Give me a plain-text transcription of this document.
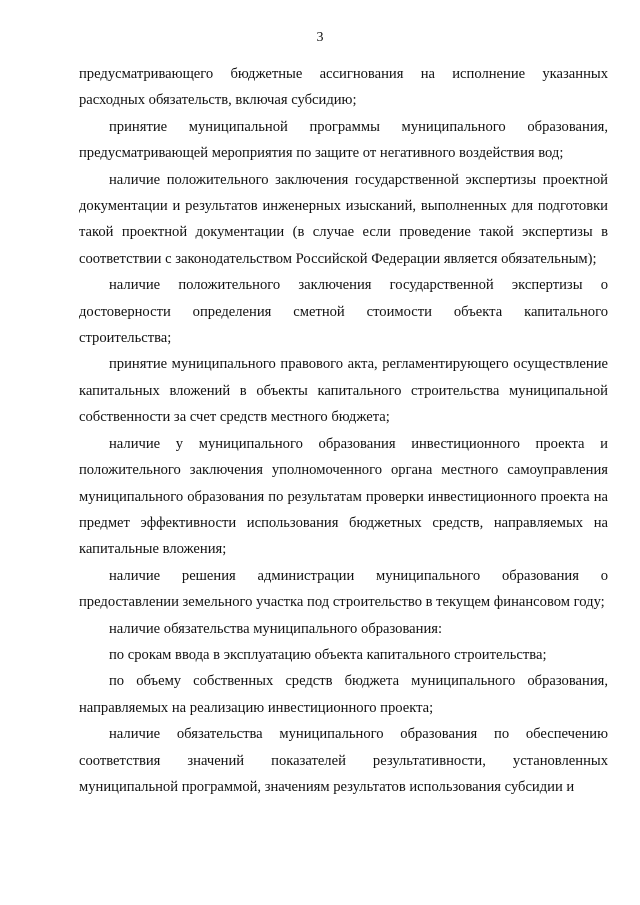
3

предусматривающего бюджетные ассигнования на исполнение указанных расходных обязательств, включая субсидию;

принятие муниципальной программы муниципального образования, предусматривающей мероприятия по защите от негативного воздействия вод;

наличие положительного заключения государственной экспертизы проектной документации и результатов инженерных изысканий, выполненных для подготовки такой проектной документации (в случае если проведение такой экспертизы в соответствии с законодательством Российской Федерации является обязательным);

наличие положительного заключения государственной экспертизы о достоверности определения сметной стоимости объекта капитального строительства;

принятие муниципального правового акта, регламентирующего осуществление капитальных вложений в объекты капитального строительства муниципальной собственности за счет средств местного бюджета;

наличие у муниципального образования инвестиционного проекта и положительного заключения уполномоченного органа местного самоуправления муниципального образования по результатам проверки инвестиционного проекта на предмет эффективности использования бюджетных средств, направляемых на капитальные вложения;

наличие решения администрации муниципального образования о предоставлении земельного участка под строительство в текущем финансовом году;

наличие обязательства муниципального образования:

по срокам ввода в эксплуатацию объекта капитального строительства;

по объему собственных средств бюджета муниципального образования, направляемых на реализацию инвестиционного проекта;

наличие обязательства муниципального образования по обеспечению соответствия значений показателей результативности, установленных муниципальной программой, значениям результатов использования субсидии и
